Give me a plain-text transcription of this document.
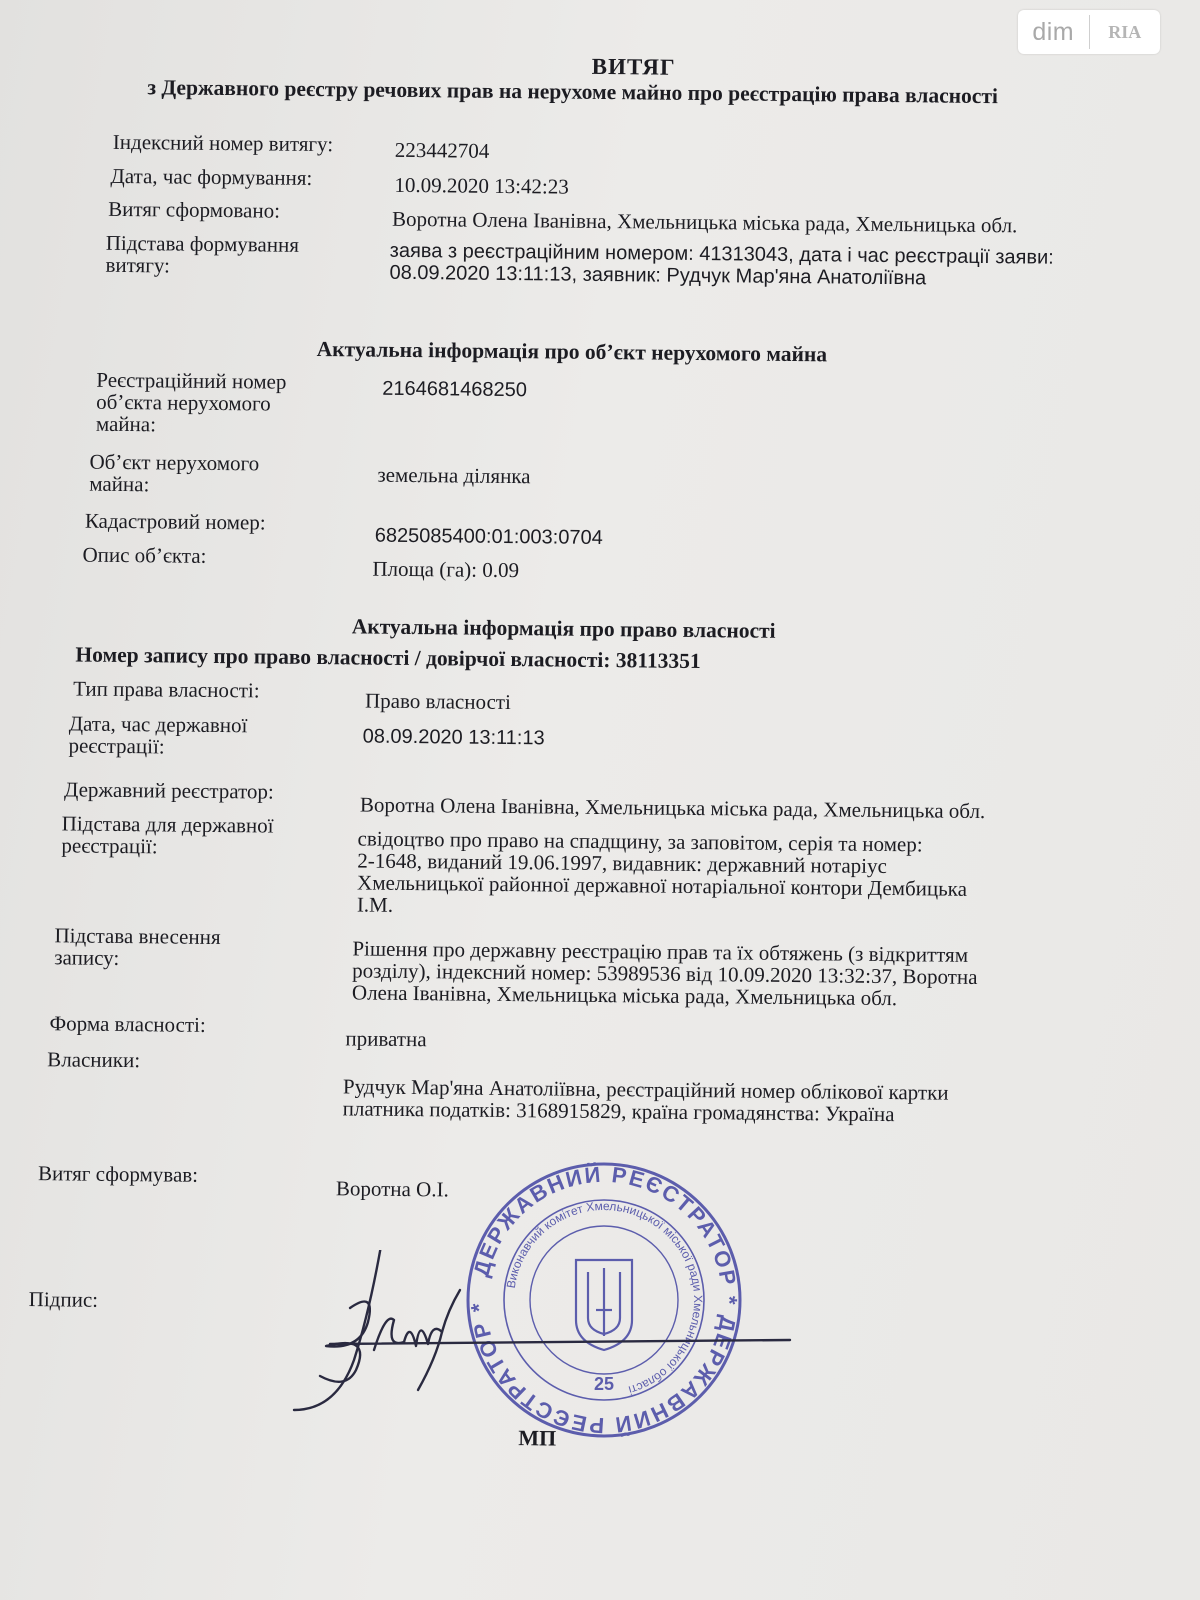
dim	RIA
ВИТЯГ
з Державного реєстру речових прав на нерухоме майно про реєстрацію права власності
Індексний номер витягу:	223442704
Дата, час формування:	10.09.2020 13:42:23
Витяг сформовано:	Воротна Олена Іванівна, Хмельницька міська рада, Хмельницька обл.
Підстава формування
витягу:	заява з реєстраційним номером: 41313043, дата і час реєстрації заяви:
08.09.2020 13:11:13, заявник: Рудчук Мар'яна Анатоліївна
Актуальна інформація про об’єкт нерухомого майна
Реєстраційний номер
об’єкта нерухомого
майна:
2164681468250
Об’єкт нерухомого
майна:	земельна ділянка
Кадастровий номер:
6825085400:01:003:0704
Опис об’єкта:
Площа (га): 0.09
Актуальна інформація про право власності
Номер запису про право власності / довірчої власності: 38113351
Тип права власності:	Право власності
Дата, час державної
реєстрації:	08.09.2020 13:11:13
Державний реєстратор:
Воротна Олена Іванівна, Хмельницька міська рада, Хмельницька обл.
Підстава для державної
реєстрації:	свідоцтво про право на спадщину, за заповітом, серія та номер:
2-1648, виданий 19.06.1997, видавник: державний нотаріус
Хмельницької районної державної нотаріальної контори Дембицька
І.М.
Підстава внесення
запису:	Рішення про державну реєстрацію прав та їх обтяжень (з відкриттям
розділу), індексний номер: 53989536 від 10.09.2020 13:32:37, Воротна
Олена Іванівна, Хмельницька міська рада, Хмельницька обл.
Форма власності:
приватна
Власники:
Рудчук Мар'яна Анатоліївна, реєстраційний номер облікової картки
платника податків: 3168915829, країна громадянства: Україна
Витяг сформував:
Воротна О.І.
Підпис:
МП
ДЕРЖАВНИЙ РЕЄСТРАТОР * ДЕРЖАВНИЙ РЕЄСТРАТОР *
Виконавчий комітет Хмельницької міської ради Хмельницької області
25
